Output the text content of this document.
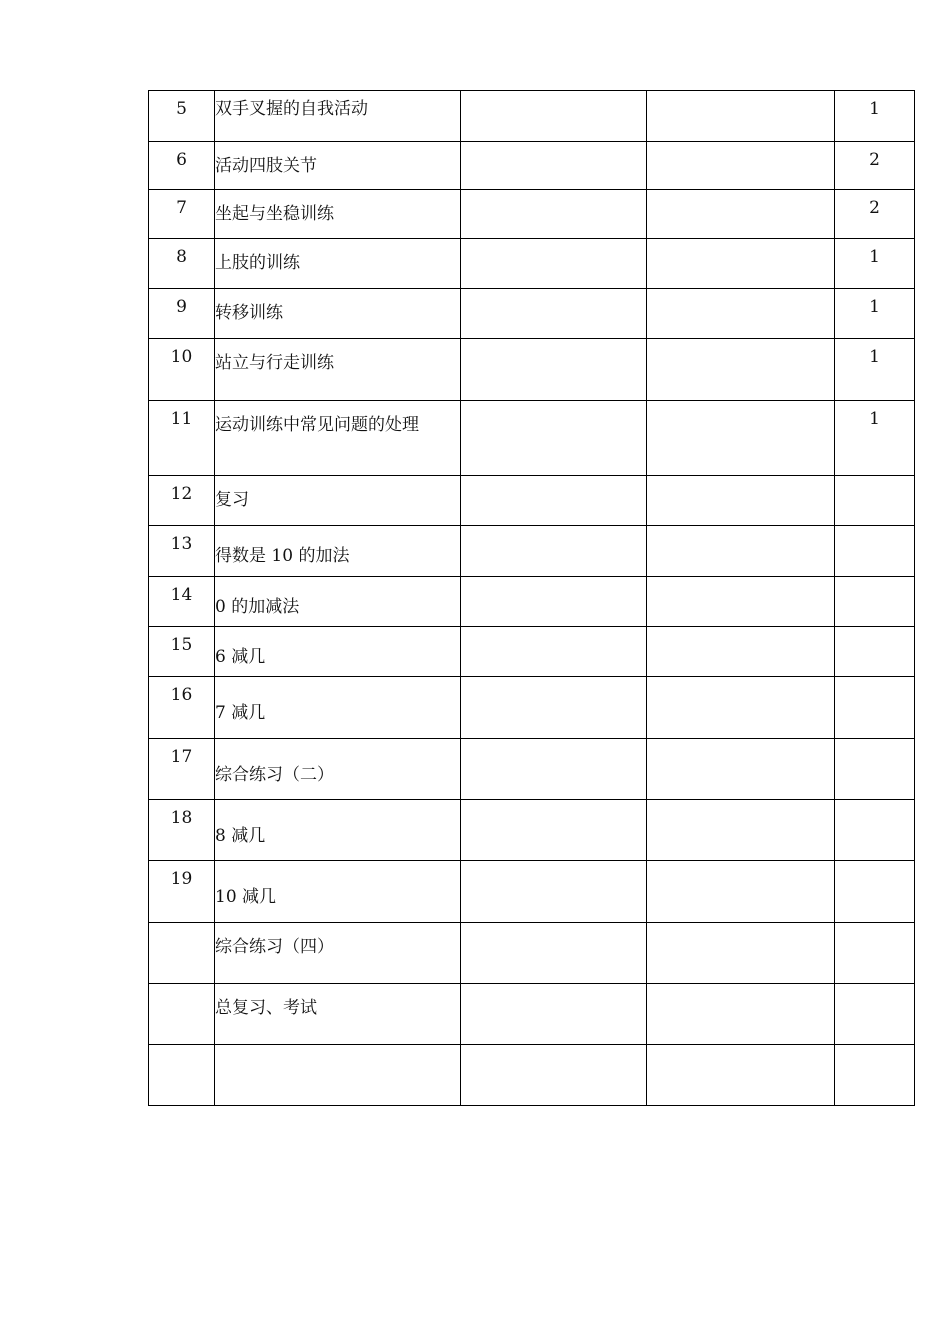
5	双手叉握的自我活动			1
6	活动四肢关节			2
7	坐起与坐稳训练			2
8	上肢的训练			1
9	转移训练			1
10	站立与行走训练			1
11	运动训练中常见问题的处理			1
12	复习			
13	得数是 10 的加法			
14	0 的加减法			
15	6 减几			
16	7 减几			
17	综合练习（二）			
18	8 减几			
19	10 减几			
	综合练习（四）			
	总复习、考试			
